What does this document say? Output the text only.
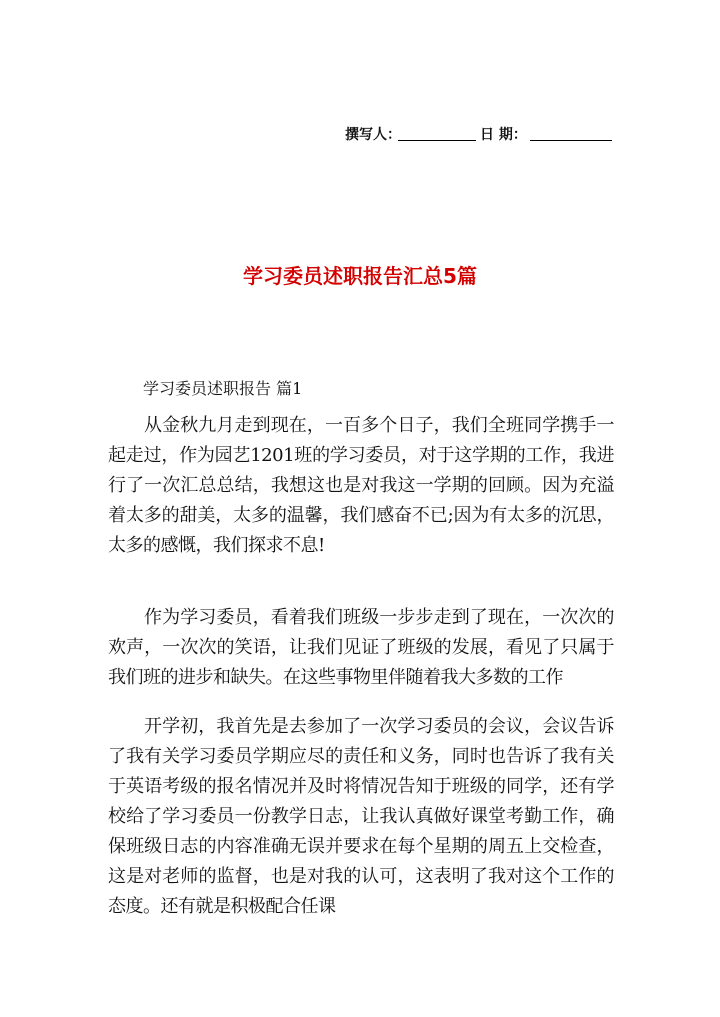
撰写人：	日 期：
学习委员述职报告汇总5篇
学习委员述职报告 篇1

从金秋九月走到现在，一百多个日子，我们全班同学携手一起走过，作为园艺1201班的学习委员，对于这学期的工作，我进行了一次汇总总结，我想这也是对我这一学期的回顾。因为充溢着太多的甜美，太多的温馨，我们感奋不已;因为有太多的沉思，太多的感慨，我们探求不息!

作为学习委员，看着我们班级一步步走到了现在，一次次的欢声，一次次的笑语，让我们见证了班级的发展，看见了只属于我们班的进步和缺失。在这些事物里伴随着我大多数的工作

开学初，我首先是去参加了一次学习委员的会议，会议告诉了我有关学习委员学期应尽的责任和义务，同时也告诉了我有关于英语考级的报名情况并及时将情况告知于班级的同学，还有学校给了学习委员一份教学日志，让我认真做好课堂考勤工作，确保班级日志的内容准确无误并要求在每个星期的周五上交检查，这是对老师的监督，也是对我的认可，这表明了我对这个工作的态度。还有就是积极配合任课
